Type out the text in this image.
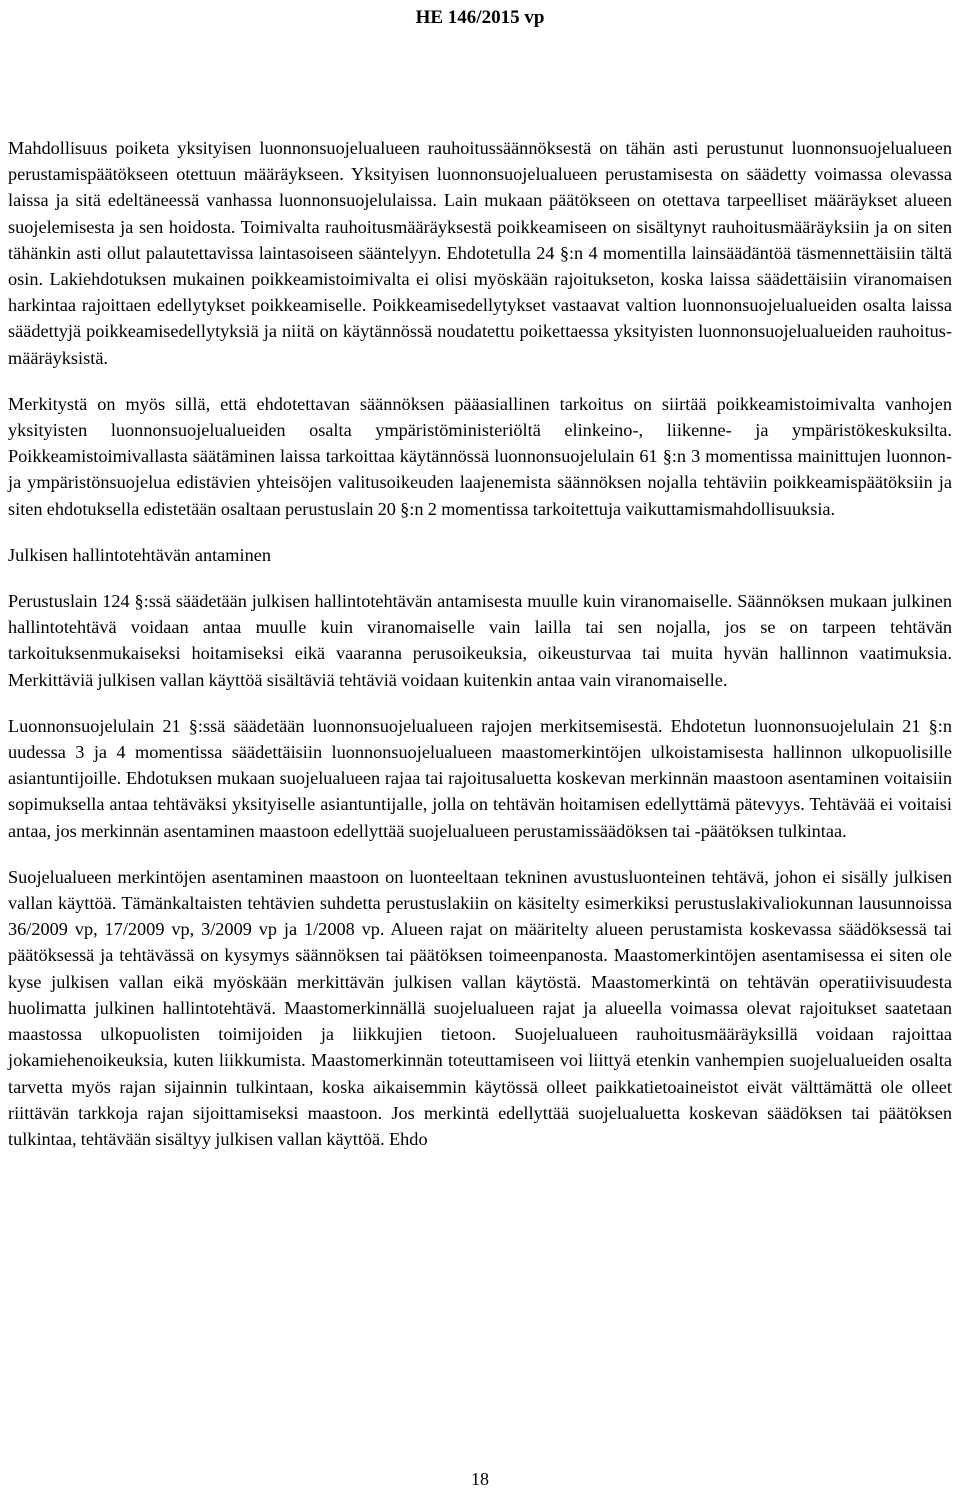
HE 146/2015 vp

Mahdollisuus poiketa yksityisen luonnonsuojelualueen rauhoitussäännöksestä on tähän asti perustunut luonnonsuojelualueen perustamispäätökseen otettuun määräykseen. Yksityisen luonnonsuojelualueen perustamisesta on säädetty voimassa olevassa laissa ja sitä edeltäneessä vanhassa luonnonsuojelulaissa. Lain mukaan päätökseen on otettava tarpeelliset määräykset alueen suojelemisesta ja sen hoidosta. Toimivalta rauhoitusmääräyksestä poikkeamiseen on sisältynyt rauhoitusmääräyksiin ja on siten tähänkin asti ollut palautettavissa laintasoiseen sääntelyyn. Ehdotetulla 24 §:n 4 momentilla lainsäädäntöä täsmennettäisiin tältä osin. Lakiehdotuksen mukainen poikkeamistoimivalta ei olisi myöskään rajoitukseton, koska laissa säädettäisiin viranomaisen harkintaa rajoittaen edellytykset poikkeamiselle. Poikkeamisedellytykset vastaavat valtion luonnonsuojelualueiden osalta laissa säädettyjä poikkeamisedellytyksiä ja niitä on käytännössä noudatettu poikettaessa yksityisten luonnonsuojelualueiden rauhoitusmääräyksistä.

Merkitystä on myös sillä, että ehdotettavan säännöksen pääasiallinen tarkoitus on siirtää poikkeamistoimivalta vanhojen yksityisten luonnonsuojelualueiden osalta ympäristöministeriöltä elinkeino-, liikenne- ja ympäristökeskuksilta. Poikkeamistoimivallasta säätäminen laissa tarkoittaa käytännössä luonnonsuojelulain 61 §:n 3 momentissa mainittujen luonnon- ja ympäristönsuojelua edistävien yhteisöjen valitusoikeuden laajenemista säännöksen nojalla tehtäviin poikkeamispäätöksiin ja siten ehdotuksella edistetään osaltaan perustuslain 20 §:n 2 momentissa tarkoitettuja vaikuttamismahdollisuuksia.

Julkisen hallintotehtävän antaminen

Perustuslain 124 §:ssä säädetään julkisen hallintotehtävän antamisesta muulle kuin viranomaiselle. Säännöksen mukaan julkinen hallintotehtävä voidaan antaa muulle kuin viranomaiselle vain lailla tai sen nojalla, jos se on tarpeen tehtävän tarkoituksenmukaiseksi hoitamiseksi eikä vaaranna perusoikeuksia, oikeusturvaa tai muita hyvän hallinnon vaatimuksia. Merkittäviä julkisen vallan käyttöä sisältäviä tehtäviä voidaan kuitenkin antaa vain viranomaiselle.

Luonnonsuojelulain 21 §:ssä säädetään luonnonsuojelualueen rajojen merkitsemisestä. Ehdotetun luonnonsuojelulain 21 §:n uudessa 3 ja 4 momentissa säädettäisiin luonnonsuojelualueen maastomerkintöjen ulkoistamisesta hallinnon ulkopuolisille asiantuntijoille. Ehdotuksen mukaan suojelualueen rajaa tai rajoitusaluetta koskevan merkinnän maastoon asentaminen voitaisiin sopimuksella antaa tehtäväksi yksityiselle asiantuntijalle, jolla on tehtävän hoitamisen edellyttämä pätevyys. Tehtävää ei voitaisi antaa, jos merkinnän asentaminen maastoon edellyttää suojelualueen perustamissäädöksen tai -päätöksen tulkintaa.

Suojelualueen merkintöjen asentaminen maastoon on luonteeltaan tekninen avustusluonteinen tehtävä, johon ei sisälly julkisen vallan käyttöä. Tämänkaltaisten tehtävien suhdetta perustuslakiin on käsitelty esimerkiksi perustuslakivaliokunnan lausunnoissa 36/2009 vp, 17/2009 vp, 3/2009 vp ja 1/2008 vp. Alueen rajat on määritelty alueen perustamista koskevassa säädöksessä tai päätöksessä ja tehtävässä on kysymys säännöksen tai päätöksen toimeenpanosta. Maastomerkintöjen asentamisessa ei siten ole kyse julkisen vallan eikä myöskään merkittävän julkisen vallan käytöstä. Maastomerkintä on tehtävän operatiivisuudesta huolimatta julkinen hallintotehtävä. Maastomerkinnällä suojelualueen rajat ja alueella voimassa olevat rajoitukset saatetaan maastossa ulkopuolisten toimijoiden ja liikkujien tietoon. Suojelualueen rauhoitusmääräyksillä voidaan rajoittaa jokamiehenoikeuksia, kuten liikkumista. Maastomerkinnän toteuttamiseen voi liittyä etenkin vanhempien suojelualueiden osalta tarvetta myös rajan sijainnin tulkintaan, koska aikaisemmin käytössä olleet paikkatietoaineistot eivät välttämättä ole olleet riittävän tarkkoja rajan sijoittamiseksi maastoon. Jos merkintä edellyttää suojelualuetta koskevan säädöksen tai päätöksen tulkintaa, tehtävään sisältyy julkisen vallan käyttöä. Ehdo

18
